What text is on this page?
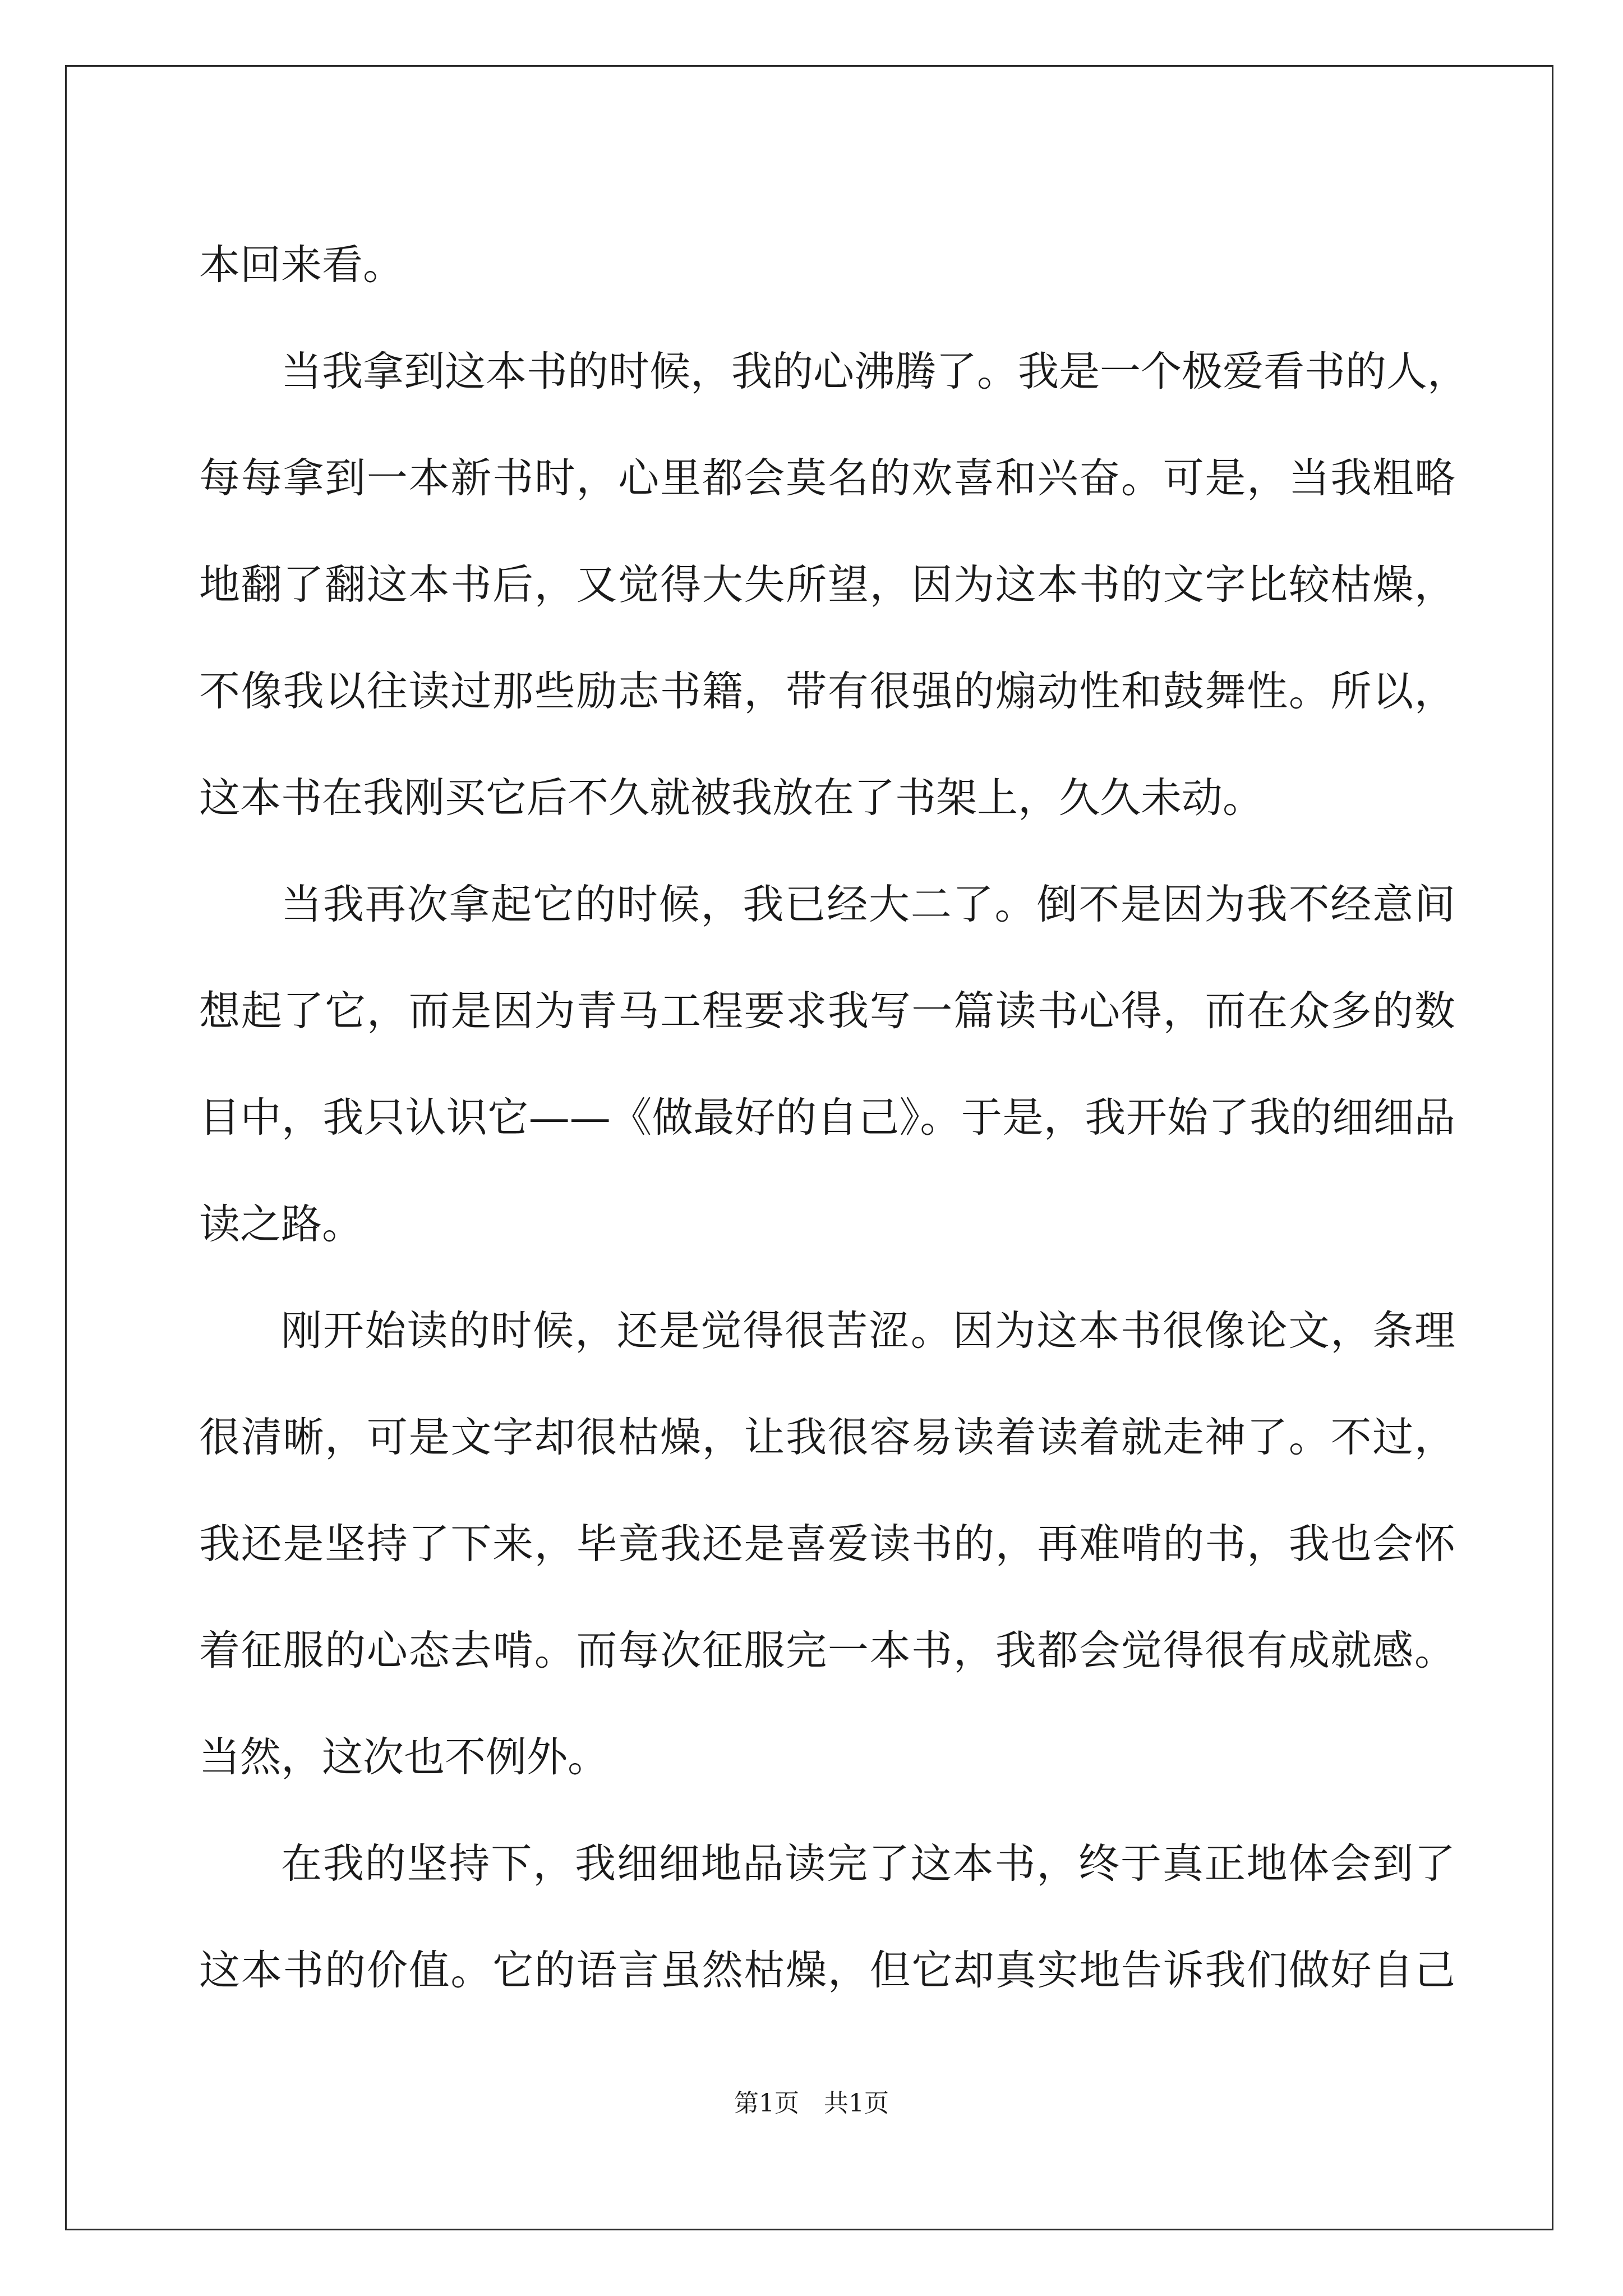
本回来看。
当我拿到这本书的时候，我的心沸腾了。我是一个极爱看书的人，
每每拿到一本新书时，心里都会莫名的欢喜和兴奋。可是，当我粗略
地翻了翻这本书后，又觉得大失所望，因为这本书的文字比较枯燥，
不像我以往读过那些励志书籍，带有很强的煽动性和鼓舞性。所以，
这本书在我刚买它后不久就被我放在了书架上，久久未动。
当我再次拿起它的时候，我已经大二了。倒不是因为我不经意间
想起了它，而是因为青马工程要求我写一篇读书心得，而在众多的数
目中，我只认识它——《做最好的自己》。于是，我开始了我的细细品
读之路。
刚开始读的时候，还是觉得很苦涩。因为这本书很像论文，条理
很清晰，可是文字却很枯燥，让我很容易读着读着就走神了。不过，
我还是坚持了下来，毕竟我还是喜爱读书的，再难啃的书，我也会怀
着征服的心态去啃。而每次征服完一本书，我都会觉得很有成就感。
当然，这次也不例外。
在我的坚持下，我细细地品读完了这本书，终于真正地体会到了
这本书的价值。它的语言虽然枯燥，但它却真实地告诉我们做好自己
第1页 共1页
